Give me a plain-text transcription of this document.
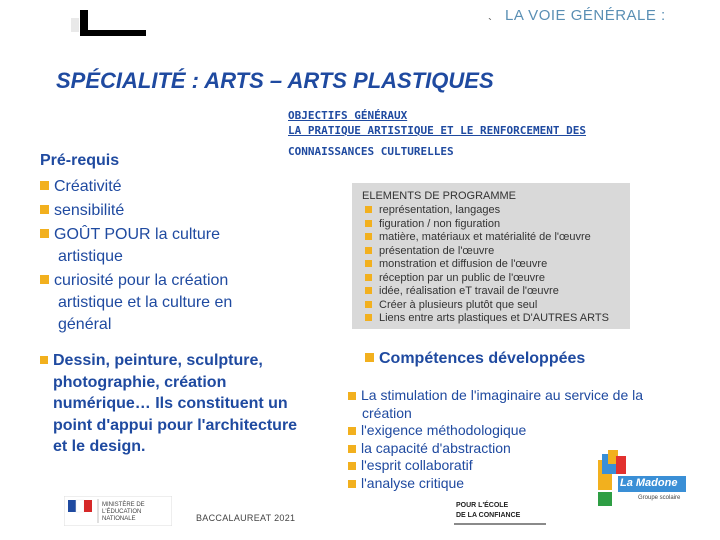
` LA VOIE GÉNÉRALE :
SPÉCIALITÉ : ARTS – ARTS PLASTIQUES
OBJECTIFS GÉNÉRAUX
LA PRATIQUE ARTISTIQUE ET LE RENFORCEMENT DES
CONNAISSANCES CULTURELLES
Pré-requis
Créativité
sensibilité
GOÛT POUR la culture artistique
curiosité pour la création artistique et la culture en général
ELEMENTS DE PROGRAMME
représentation, langages
figuration / non figuration
matière, matériaux et matérialité de l'œuvre
présentation de l'œuvre
monstration et diffusion de l'œuvre
réception par un public de l'œuvre
idée, réalisation eT travail de l'œuvre
Créer à plusieurs plutôt que seul
Liens entre arts plastiques et D'AUTRES ARTS
Dessin, peinture, sculpture, photographie, création numérique… Ils constituent un point d'appui pour l'architecture et le design.
Compétences développées
La stimulation de l'imaginaire au service de la création
l'exigence méthodologique
la capacité d'abstraction
l'esprit collaboratif
l'analyse critique
MINISTÈRE DE L'ÉDUCATION NATIONALE	BACCALAUREAT 2021
POUR L'ÉCOLE
DE LA CONFIANCE
La Madone
Groupe scolaire
